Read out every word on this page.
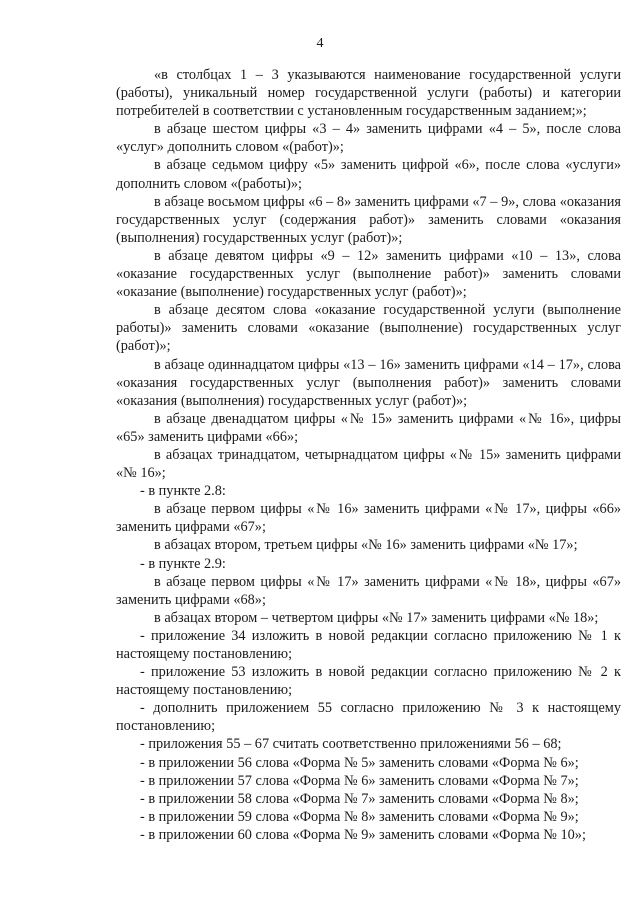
4

«в столбцах 1 – 3 указываются наименование государственной услуги (работы), уникальный номер государственной услуги (работы) и категории потребителей в соответствии с установленным государственным заданием;»;

в абзаце шестом цифры «3 – 4» заменить цифрами «4 – 5», после слова «услуг» дополнить словом «(работ)»;

в абзаце седьмом цифру «5» заменить цифрой «6», после слова «услуги» дополнить словом «(работы)»;

в абзаце восьмом цифры «6 – 8» заменить цифрами «7 – 9», слова «оказания государственных услуг (содержания работ)» заменить словами «оказания (выполнения) государственных услуг (работ)»;

в абзаце девятом цифры «9 – 12» заменить цифрами «10 – 13», слова «оказание государственных услуг (выполнение работ)» заменить словами «оказание (выполнение) государственных услуг (работ)»;

в абзаце десятом слова «оказание государственной услуги (выполнение работы)» заменить словами «оказание (выполнение) государственных услуг (работ)»;

в абзаце одиннадцатом цифры «13 – 16» заменить цифрами «14 – 17», слова «оказания государственных услуг (выполнения работ)» заменить словами «оказания (выполнения) государственных услуг (работ)»;

в абзаце двенадцатом цифры «№ 15» заменить цифрами «№ 16», цифры «65» заменить цифрами «66»;

в абзацах тринадцатом, четырнадцатом цифры «№ 15» заменить цифрами «№ 16»;

- в пункте 2.8:

в абзаце первом цифры «№ 16» заменить цифрами «№ 17», цифры «66» заменить цифрами «67»;

в абзацах втором, третьем цифры «№ 16» заменить цифрами «№ 17»;

- в пункте 2.9:

в абзаце первом цифры «№ 17» заменить цифрами «№ 18», цифры «67» заменить цифрами «68»;

в абзацах втором – четвертом цифры «№ 17» заменить цифрами «№ 18»;

- приложение 34 изложить в новой редакции согласно приложению № 1 к настоящему постановлению;

- приложение 53 изложить в новой редакции согласно приложению № 2 к настоящему постановлению;

- дополнить приложением 55 согласно приложению № 3 к настоящему постановлению;

- приложения 55 – 67 считать соответственно приложениями 56 – 68;

- в приложении 56 слова «Форма № 5» заменить словами «Форма № 6»;

- в приложении 57 слова «Форма № 6» заменить словами «Форма № 7»;

- в приложении 58 слова «Форма № 7» заменить словами «Форма № 8»;

- в приложении 59 слова «Форма № 8» заменить словами «Форма № 9»;

- в приложении 60 слова «Форма № 9» заменить словами «Форма № 10»;
